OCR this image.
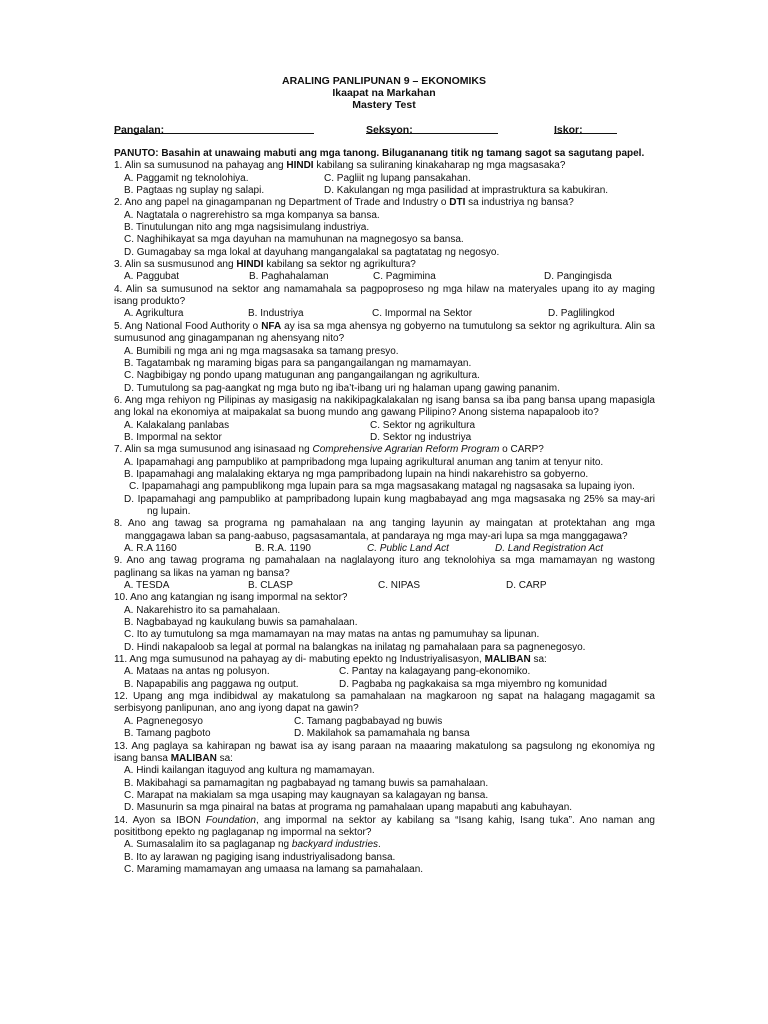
ARALING PANLIPUNAN 9 – EKONOMIKS
Ikaapat na Markahan
Mastery Test
Pangalan:	Seksyon:	Iskor:

PANUTO: Basahin at unawaing mabuti ang mga tanong. Bilugananang titik ng tamang sagot sa sagutang papel.

1. Alin sa sumusunod na pahayag ang HINDI kabilang sa suliraning kinakaharap ng mga magsasaka?

A. Paggamit ng teknolohiya.	C. Pagliit ng lupang pansakahan.
B. Pagtaas ng suplay ng salapi.	D. Kakulangan ng mga pasilidad at imprastruktura sa kabukiran.

2. Ano ang papel na ginagampanan ng Department of Trade and Industry o DTI sa industriya ng bansa?

A. Nagtatala o nagrerehistro sa mga kompanya sa bansa.

B. Tinutulungan nito ang mga nagsisimulang industriya.

C. Naghihikayat sa mga dayuhan na mamuhunan na magnegosyo sa bansa.

D. Gumagabay sa mga lokal at dayuhang mangangalakal sa pagtatatag ng negosyo.

3. Alin sa susmusunod ang HINDI kabilang sa sektor ng agrikultura?

A. Paggubat	B. Paghahalaman	C. Pagmimina	D. Pangingisda

4. Alin sa sumusunod na sektor ang namamahala sa pagpoproseso ng mga hilaw na materyales upang ito ay maging isang produkto?

A. Agrikultura	B. Industriya	C. Impormal na Sektor	D. Paglilingkod

5. Ang National Food Authority o NFA ay isa sa mga ahensya ng gobyerno na tumutulong sa sektor ng agrikultura. Alin sa sumusunod ang ginagampanan ng ahensyang nito?

A. Bumibili ng mga ani ng mga magsasaka sa tamang presyo.

B. Tagatambak ng maraming bigas para sa pangangailangan ng mamamayan.

C. Nagbibigay ng pondo upang matugunan ang pangangailangan ng agrikultura.

D. Tumutulong sa pag-aangkat ng mga buto ng iba’t-ibang uri ng halaman upang gawing pananim.

6. Ang mga rehiyon ng Pilipinas ay masigasig na nakikipagkalakalan ng isang bansa sa iba pang bansa upang mapasigla ang lokal na ekonomiya at maipakalat sa buong mundo ang gawang Pilipino? Anong sistema napapaloob ito?

A. Kalakalang panlabas	C. Sektor ng agrikultura
B. Impormal na sektor	D. Sektor ng industriya

7. Alin sa mga sumusunod ang isinasaad ng Comprehensive Agrarian Reform Program o CARP?

A. Ipapamahagi ang pampubliko at pampribadong mga lupaing agrikultural anuman ang tanim at tenyur nito.

B. Ipapamahagi ang malalaking ektarya ng mga pampribadong lupain na hindi nakarehistro sa gobyerno.

C. Ipapamahagi ang pampublikong mga lupain para sa mga magsasakang matagal ng nagsasaka sa lupaing iyon.

D. Ipapamahagi ang pampubliko at pampribadong lupain kung magbabayad ang mga magsasaka ng 25% sa may-ari ng lupain.

8. Ano ang tawag sa programa ng pamahalaan na ang tanging layunin ay maingatan at protektahan ang mga manggagawa laban sa pang-aabuso, pagsasamantala, at pandaraya ng mga may-ari lupa sa mga manggagawa?

A. R.A 1160	B. R.A. 1190	C. Public Land Act	D. Land Registration Act

9. Ano ang tawag programa ng pamahalaan na naglalayong ituro ang teknolohiya sa mga mamamayan ng wastong paglinang sa likas na yaman ng bansa?

A. TESDA	B. CLASP	C. NIPAS	D. CARP

10. Ano ang katangian ng isang impormal na sektor?

A. Nakarehistro ito sa pamahalaan.

B. Nagbabayad ng kaukulang buwis sa pamahalaan.

C. Ito ay tumutulong sa mga mamamayan na may matas na antas ng pamumuhay sa lipunan.

D. Hindi nakapaloob sa legal at pormal na balangkas na inilatag ng pamahalaan para sa pagnenegosyo.

11. Ang mga sumusunod na pahayag ay di- mabuting epekto ng Industriyalisasyon, MALIBAN sa:

A. Mataas na antas ng polusyon.	C. Pantay na kalagayang pang-ekonomiko.
B. Napapabilis ang paggawa ng output.	D. Pagbaba ng pagkakaisa sa mga miyembro ng komunidad

12. Upang ang mga indibidwal ay makatulong sa pamahalaan na magkaroon ng sapat na halagang magagamit sa serbisyong panlipunan, ano ang iyong dapat na gawin?

A. Pagnenegosyo	C. Tamang pagbabayad ng buwis
B. Tamang pagboto	D. Makilahok sa pamamahala ng bansa

13. Ang paglaya sa kahirapan ng bawat isa ay isang paraan na maaaring makatulong sa pagsulong ng ekonomiya ng isang bansa MALIBAN sa:

A. Hindi kailangan itaguyod ang kultura ng mamamayan.

B. Makibahagi sa pamamagitan ng pagbabayad ng tamang buwis sa pamahalaan.

C. Marapat na makialam sa mga usaping may kaugnayan sa kalagayan ng bansa.

D. Masunurin sa mga pinairal na batas at programa ng pamahalaan upang mapabuti ang kabuhayan.

14. Ayon sa IBON Foundation, ang impormal na sektor ay kabilang sa “Isang kahig, Isang tuka”. Ano naman ang posititbong epekto ng paglaganap ng impormal na sektor?

A. Sumasalalim ito sa paglaganap ng backyard industries.

B. Ito ay larawan ng pagiging isang industriyalisadong bansa.

C. Maraming mamamayan ang umaasa na lamang sa pamahalaan.
